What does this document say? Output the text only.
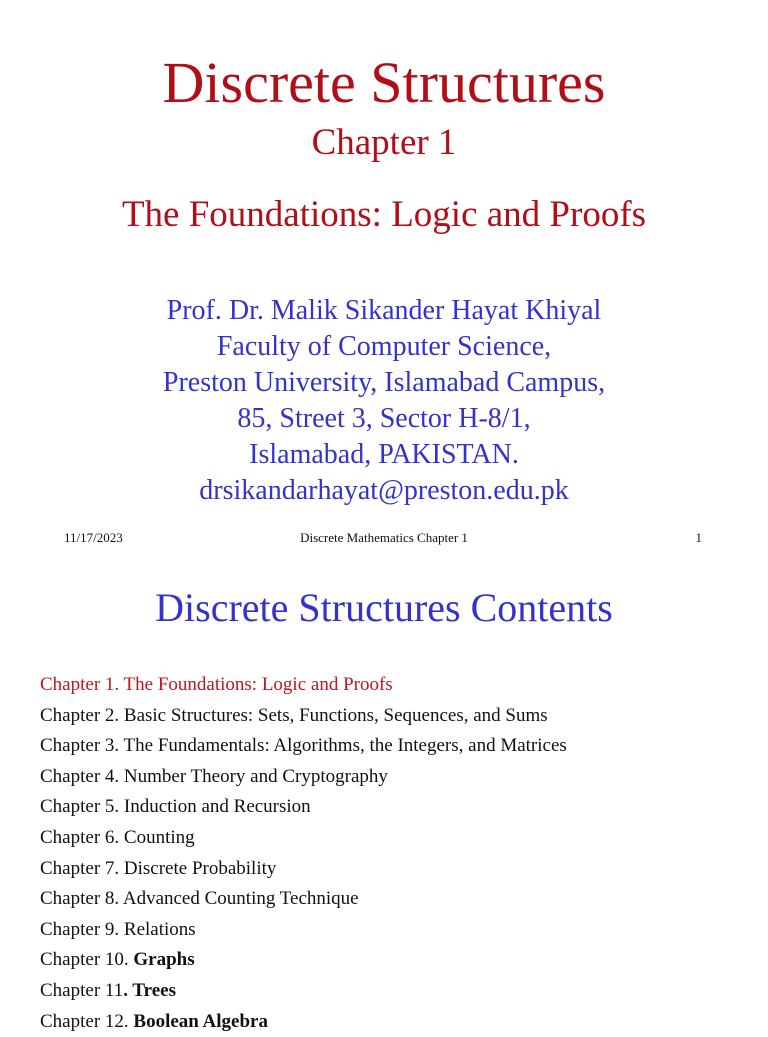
Discrete Structures
Chapter 1
The Foundations: Logic and Proofs
Prof. Dr. Malik Sikander Hayat Khiyal
Faculty of Computer Science,
Preston University, Islamabad Campus,
85, Street 3, Sector H-8/1,
Islamabad, PAKISTAN.
drsikandarhayat@preston.edu.pk
11/17/2023	Discrete Mathematics Chapter 1	1
Discrete Structures Contents
Chapter 1. The Foundations: Logic and Proofs
Chapter 2. Basic Structures: Sets, Functions, Sequences, and Sums
Chapter 3. The Fundamentals: Algorithms, the Integers, and Matrices
Chapter 4. Number Theory and Cryptography
Chapter 5. Induction and Recursion
Chapter 6. Counting
Chapter 7. Discrete Probability
Chapter 8. Advanced Counting Technique
Chapter 9. Relations
Chapter 10. Graphs
Chapter 11. Trees
Chapter 12. Boolean Algebra
